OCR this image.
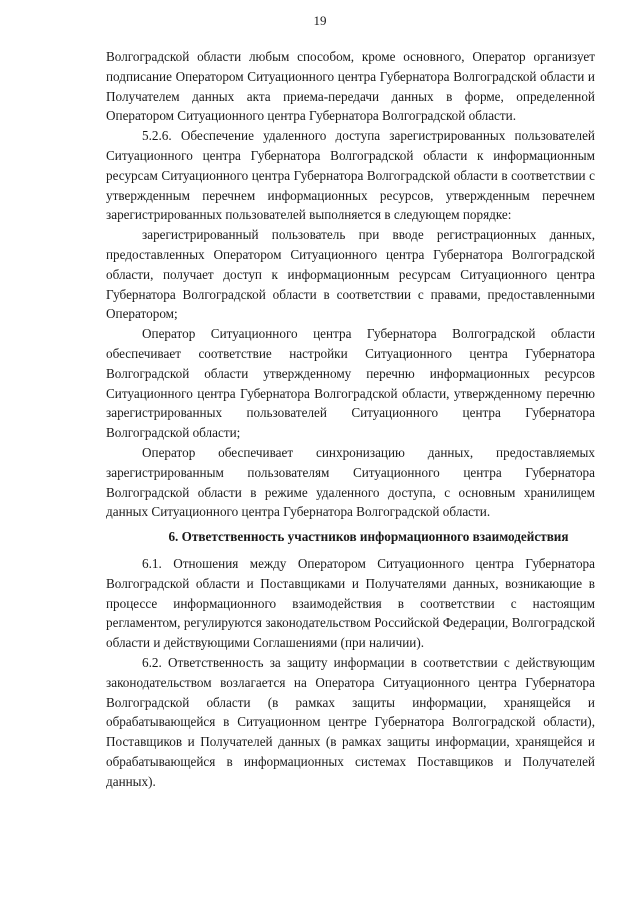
19

Волгоградской области любым способом, кроме основного, Оператор организует подписание Оператором Ситуационного центра Губернатора Волгоградской области и Получателем данных акта приема-передачи данных в форме, определенной Оператором Ситуационного центра Губернатора Волгоградской области.

5.2.6. Обеспечение удаленного доступа зарегистрированных пользователей Ситуационного центра Губернатора Волгоградской области к информационным ресурсам Ситуационного центра Губернатора Волгоградской области в соответствии с утвержденным перечнем информационных ресурсов, утвержденным перечнем зарегистрированных пользователей выполняется в следующем порядке:

зарегистрированный пользователь при вводе регистрационных данных, предоставленных Оператором Ситуационного центра Губернатора Волгоградской области, получает доступ к информационным ресурсам Ситуационного центра Губернатора Волгоградской области в соответствии с правами, предоставленными Оператором;

Оператор Ситуационного центра Губернатора Волгоградской области обеспечивает соответствие настройки Ситуационного центра Губернатора Волгоградской области утвержденному перечню информационных ресурсов Ситуационного центра Губернатора Волгоградской области, утвержденному перечню зарегистрированных пользователей Ситуационного центра Губернатора Волгоградской области;

Оператор обеспечивает синхронизацию данных, предоставляемых зарегистрированным пользователям Ситуационного центра Губернатора Волгоградской области в режиме удаленного доступа, с основным хранилищем данных Ситуационного центра Губернатора Волгоградской области.

6. Ответственность участников информационного взаимодействия

6.1. Отношения между Оператором Ситуационного центра Губернатора Волгоградской области и Поставщиками и Получателями данных, возникающие в процессе информационного взаимодействия в соответствии с настоящим регламентом, регулируются законодательством Российской Федерации, Волгоградской области и действующими Соглашениями (при наличии).

6.2. Ответственность за защиту информации в соответствии с действующим законодательством возлагается на Оператора Ситуационного центра Губернатора Волгоградской области (в рамках защиты информации, хранящейся и обрабатывающейся в Ситуационном центре Губернатора Волгоградской области), Поставщиков и Получателей данных (в рамках защиты информации, хранящейся и обрабатывающейся в информационных системах Поставщиков и Получателей данных).
